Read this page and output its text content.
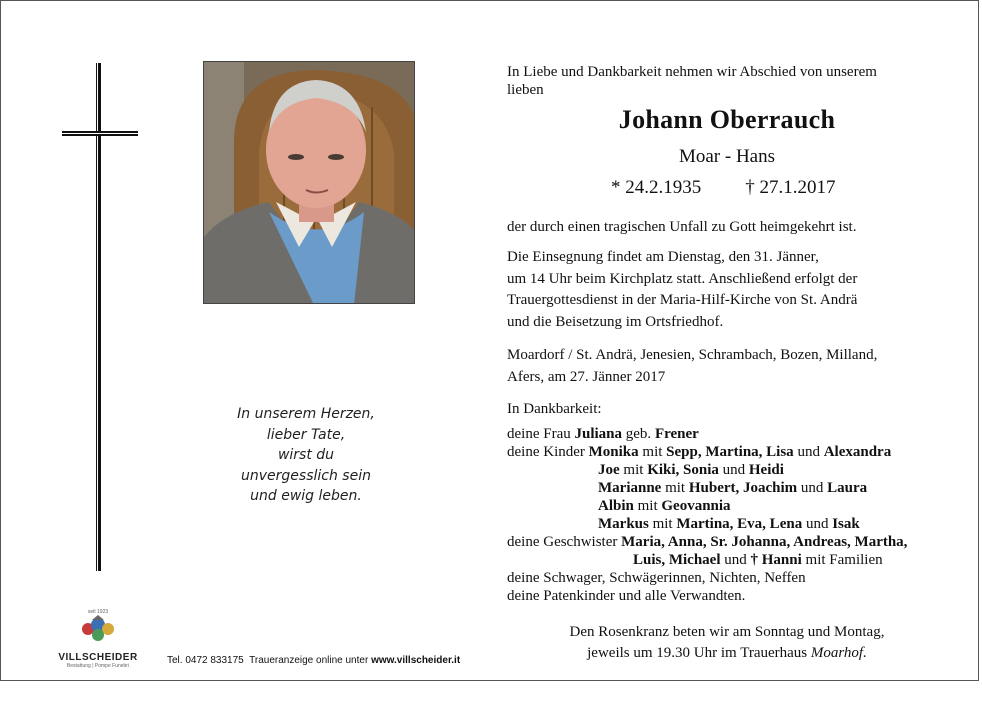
In unserem Herzen,
lieber Tate,
wirst du
unvergesslich sein
und ewig leben.
In Liebe und Dankbarkeit nehmen wir Abschied von unserem
lieben
Johann Oberrauch
Moar - Hans
* 24.2.1935 † 27.1.2017
der durch einen tragischen Unfall zu Gott heimgekehrt ist.
Die Einsegnung findet am Dienstag, den 31. Jänner,
um 14 Uhr beim Kirchplatz statt. Anschließend erfolgt der
Trauergottesdienst in der Maria-Hilf-Kirche von St. Andrä
und die Beisetzung im Ortsfriedhof.
Moardorf / St. Andrä, Jenesien, Schrambach, Bozen, Milland,
Afers, am 27. Jänner 2017
In Dankbarkeit:
deine Frau Juliana geb. Frener
deine Kinder Monika mit Sepp, Martina, Lisa und Alexandra
Joe mit Kiki, Sonia und Heidi
Marianne mit Hubert, Joachim und Laura
Albin mit Geovannia
Markus mit Martina, Eva, Lena und Isak
deine Geschwister Maria, Anna, Sr. Johanna, Andreas, Martha,
Luis, Michael und † Hanni mit Familien
deine Schwager, Schwägerinnen, Nichten, Neffen
deine Patenkinder und alle Verwandten.
Den Rosenkranz beten wir am Sonntag und Montag,
jeweils um 19.30 Uhr im Trauerhaus Moarhof.
seit 1923
VILLSCHEIDER
Bestattung | Pompe Funebri	Tel. 0472 833175 Traueranzeige online unter www.villscheider.it
